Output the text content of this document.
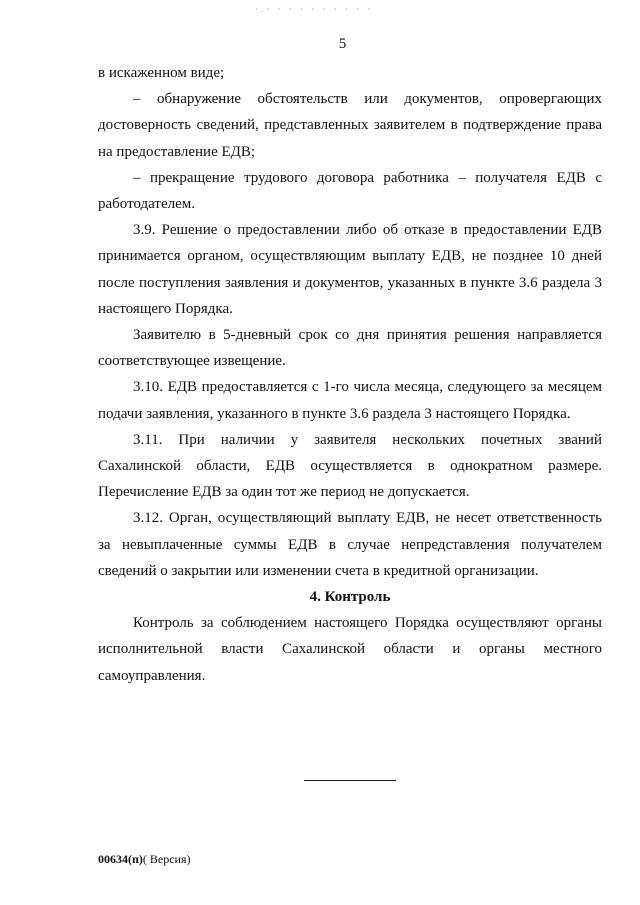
·.· · · · · · · · · ·
5

в искаженном виде;

– обнаружение обстоятельств или документов, опровергающих достоверность сведений, представленных заявителем в подтверждение права на предоставление ЕДВ;

– прекращение трудового договора работника – получателя ЕДВ с работодателем.

3.9. Решение о предоставлении либо об отказе в предоставлении ЕДВ принимается органом, осуществляющим выплату ЕДВ, не позднее 10 дней после поступления заявления и документов, указанных в пункте 3.6 раздела 3 настоящего Порядка.

Заявителю в 5-дневный срок со дня принятия решения направляется соответствующее извещение.

3.10. ЕДВ предоставляется с 1-го числа месяца, следующего за месяцем подачи заявления, указанного в пункте 3.6 раздела 3 настоящего Порядка.

3.11. При наличии у заявителя нескольких почетных званий Сахалинской области, ЕДВ осуществляется в однократном размере. Перечисление ЕДВ за один тот же период не допускается.

3.12. Орган, осуществляющий выплату ЕДВ, не несет ответственность за невыплаченные суммы ЕДВ в случае непредставления получателем сведений о закрытии или изменении счета в кредитной организации.

4. Контроль

Контроль за соблюдением настоящего Порядка осуществляют органы исполнительной власти Сахалинской области и органы местного самоуправления.

00634(п)( Версия)
